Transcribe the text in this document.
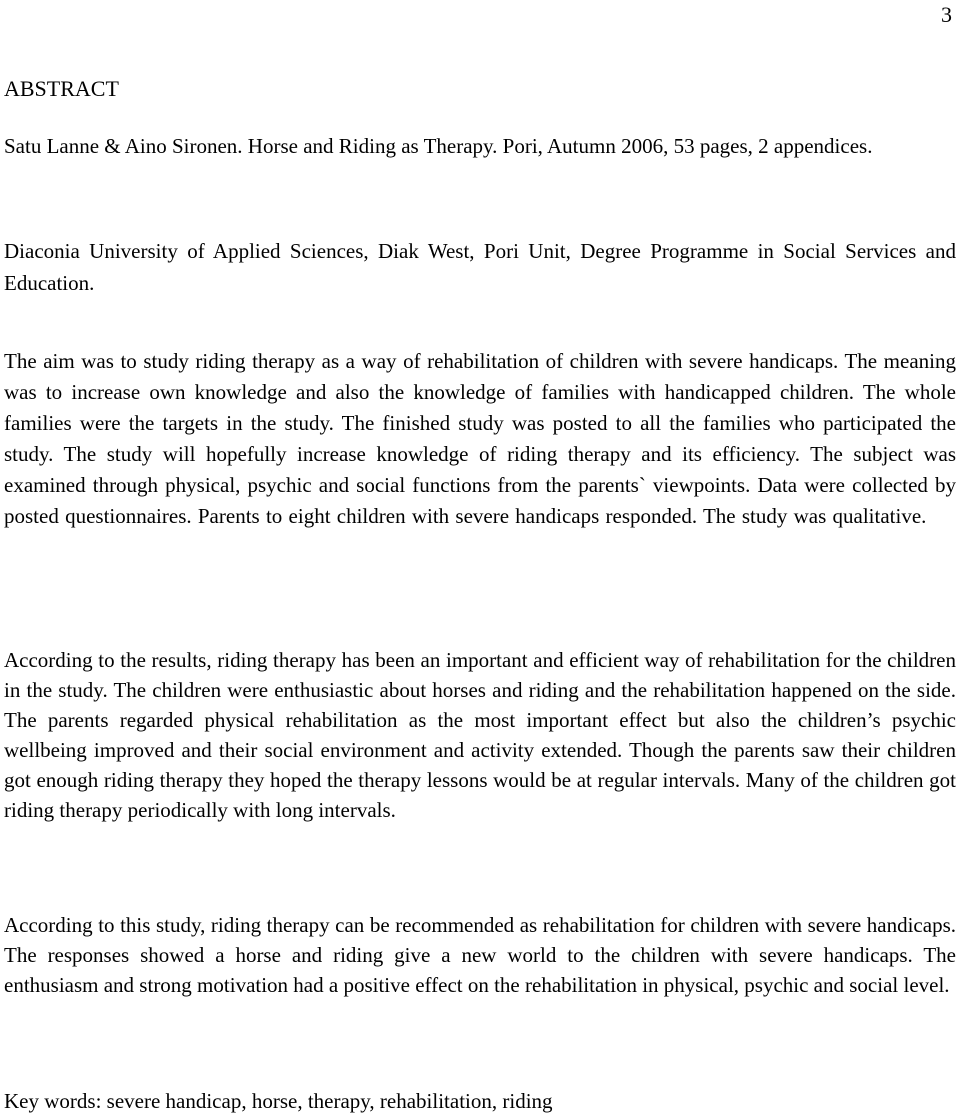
3
ABSTRACT

Satu Lanne & Aino Sironen. Horse and Riding as Therapy. Pori, Autumn 2006, 53 pages, 2 appendices.

Diaconia University of Applied Sciences, Diak West, Pori Unit, Degree Programme in Social Services and Education.

The aim was to study riding therapy as a way of rehabilitation of children with severe handicaps. The meaning was to increase own knowledge and also the knowledge of families with handicapped children. The whole families were the targets in the study. The finished study was posted to all the families who participated the study. The study will hopefully increase knowledge of riding therapy and its efficiency. The subject was examined through physical, psychic and social functions from the parents` viewpoints. Data were collected by posted questionnaires. Parents to eight children with severe handicaps responded. The study was qualitative.

According to the results, riding therapy has been an important and efficient way of rehabilitation for the children in the study. The children were enthusiastic about horses and riding and the rehabilitation happened on the side. The parents regarded physical rehabilitation as the most important effect but also the children’s psychic wellbeing improved and their social environment and activity extended. Though the parents saw their children got enough riding therapy they hoped the therapy lessons would be at regular intervals. Many of the children got riding therapy periodically with long intervals.

According to this study, riding therapy can be recommended as rehabilitation for children with severe handicaps. The responses showed a horse and riding give a new world to the children with severe handicaps. The enthusiasm and strong motivation had a positive effect on the rehabilitation in physical, psychic and social level.

Key words: severe handicap, horse, therapy, rehabilitation, riding
